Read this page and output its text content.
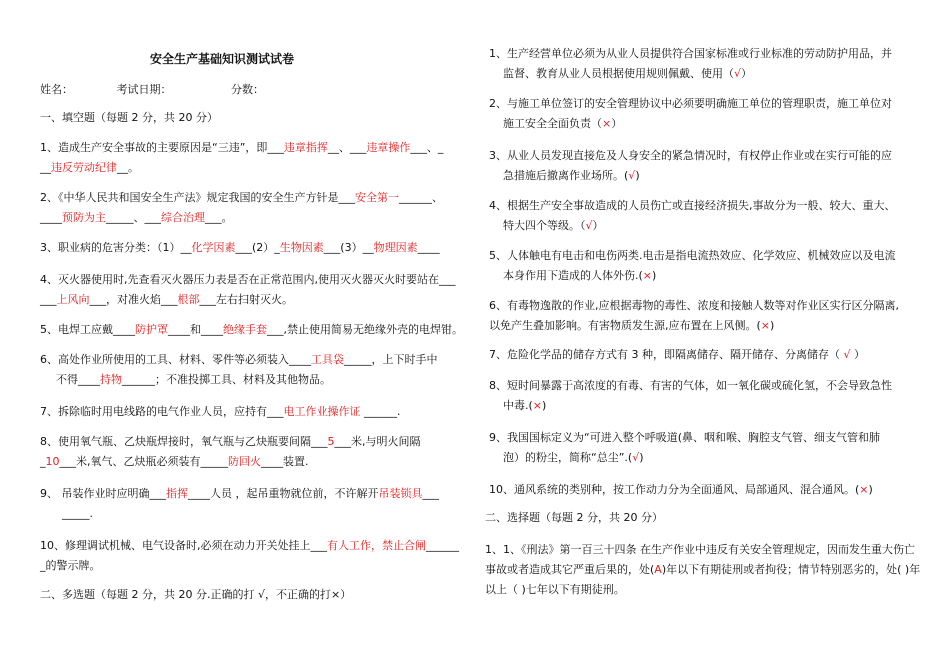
安全生产基础知识测试试卷
姓名：	考试日期：	分数：
一、填空题（每题 2 分，共 20 分）
1、造成生产安全事故的主要原因是“三违”，即___违章指挥__、___违章操作___、_
__违反劳动纪律__。
2、《中华人民共和国安全生产法》规定我国的安全生产方针是___安全第一______、
____预防为主_____、___综合治理___。
3、职业病的危害分类：（1）__化学因素___(2）_生物因素___(3）__物理因素____
4、灭火器使用时,先查看灭火器压力表是否在正常范围内,使用灭火器灭火时要站在___
___上风向___，对准火焰___根部___左右扫射灭火。
5、电焊工应戴____防护罩____和____绝缘手套___,禁止使用简易无绝缘外壳的电焊钳。
6、高处作业所使用的工具、材料、零件等必须装入____工具袋_____，上下时手中
不得____持物______；不准投掷工具、材料及其他物品。
7、拆除临时用电线路的电气作业人员，应持有___电工作业操作证 ______.
8、使用氧气瓶、乙炔瓶焊接时，氧气瓶与乙炔瓶要间隔___5___米,与明火间隔
_10___米,氧气、乙炔瓶必须装有_____防回火____装置.
9、 吊装作业时应明确___指挥____人员 ，起吊重物就位前，不许解开吊装锁具___
_____.
10、修理调试机械、电气设备时,必须在动力开关处挂上___有人工作，禁止合闸______
_的警示牌。
二、多选题（每题 2 分，共 20 分.正确的打 √，不正确的打×）
1、生产经营单位必须为从业人员提供符合国家标准或行业标准的劳动防护用品，并
监督、教育从业人员根据使用规则佩戴、使用（√）
2、与施工单位签订的安全管理协议中必须要明确施工单位的管理职责，施工单位对
施工安全全面负责（×）
3、从业人员发现直接危及人身安全的紧急情况时，有权停止作业或在实行可能的应
急措施后撤离作业场所。(√)
4、根据生产安全事故造成的人员伤亡或直接经济损失,事故分为一般、较大、重大、
特大四个等级。（√）
5、人体触电有电击和电伤两类.电击是指电流热效应、化学效应、机械效应以及电流
本身作用下造成的人体外伤.(×)
6、有毒物逸散的作业,应根据毒物的毒性、浓度和接触人数等对作业区实行区分隔离,
以免产生叠加影响。有害物质发生源,应布置在上风侧。(×)
7、危险化学品的储存方式有 3 种，即隔离储存、隔开储存、分离储存（ √ ）
8、短时间暴露于高浓度的有毒、有害的气体，如一氧化碳或硫化氢，不会导致急性
中毒.(×)
9、我国国标定义为“可进入整个呼吸道(鼻、咽和喉、胸腔支气管、细支气管和肺
泡）的粉尘，简称“总尘”.(√)
10、通风系统的类别种，按工作动力分为全面通风、局部通风、混合通风。(×)
二、选择题（每题 2 分，共 20 分）
1、1、《刑法》第一百三十四条 在生产作业中违反有关安全管理规定，因而发生重大伤亡
事故或者造成其它严重后果的，处(A)年以下有期徒刑或者拘役；情节特别恶劣的，处( )年
以上（ )七年以下有期徒刑。
